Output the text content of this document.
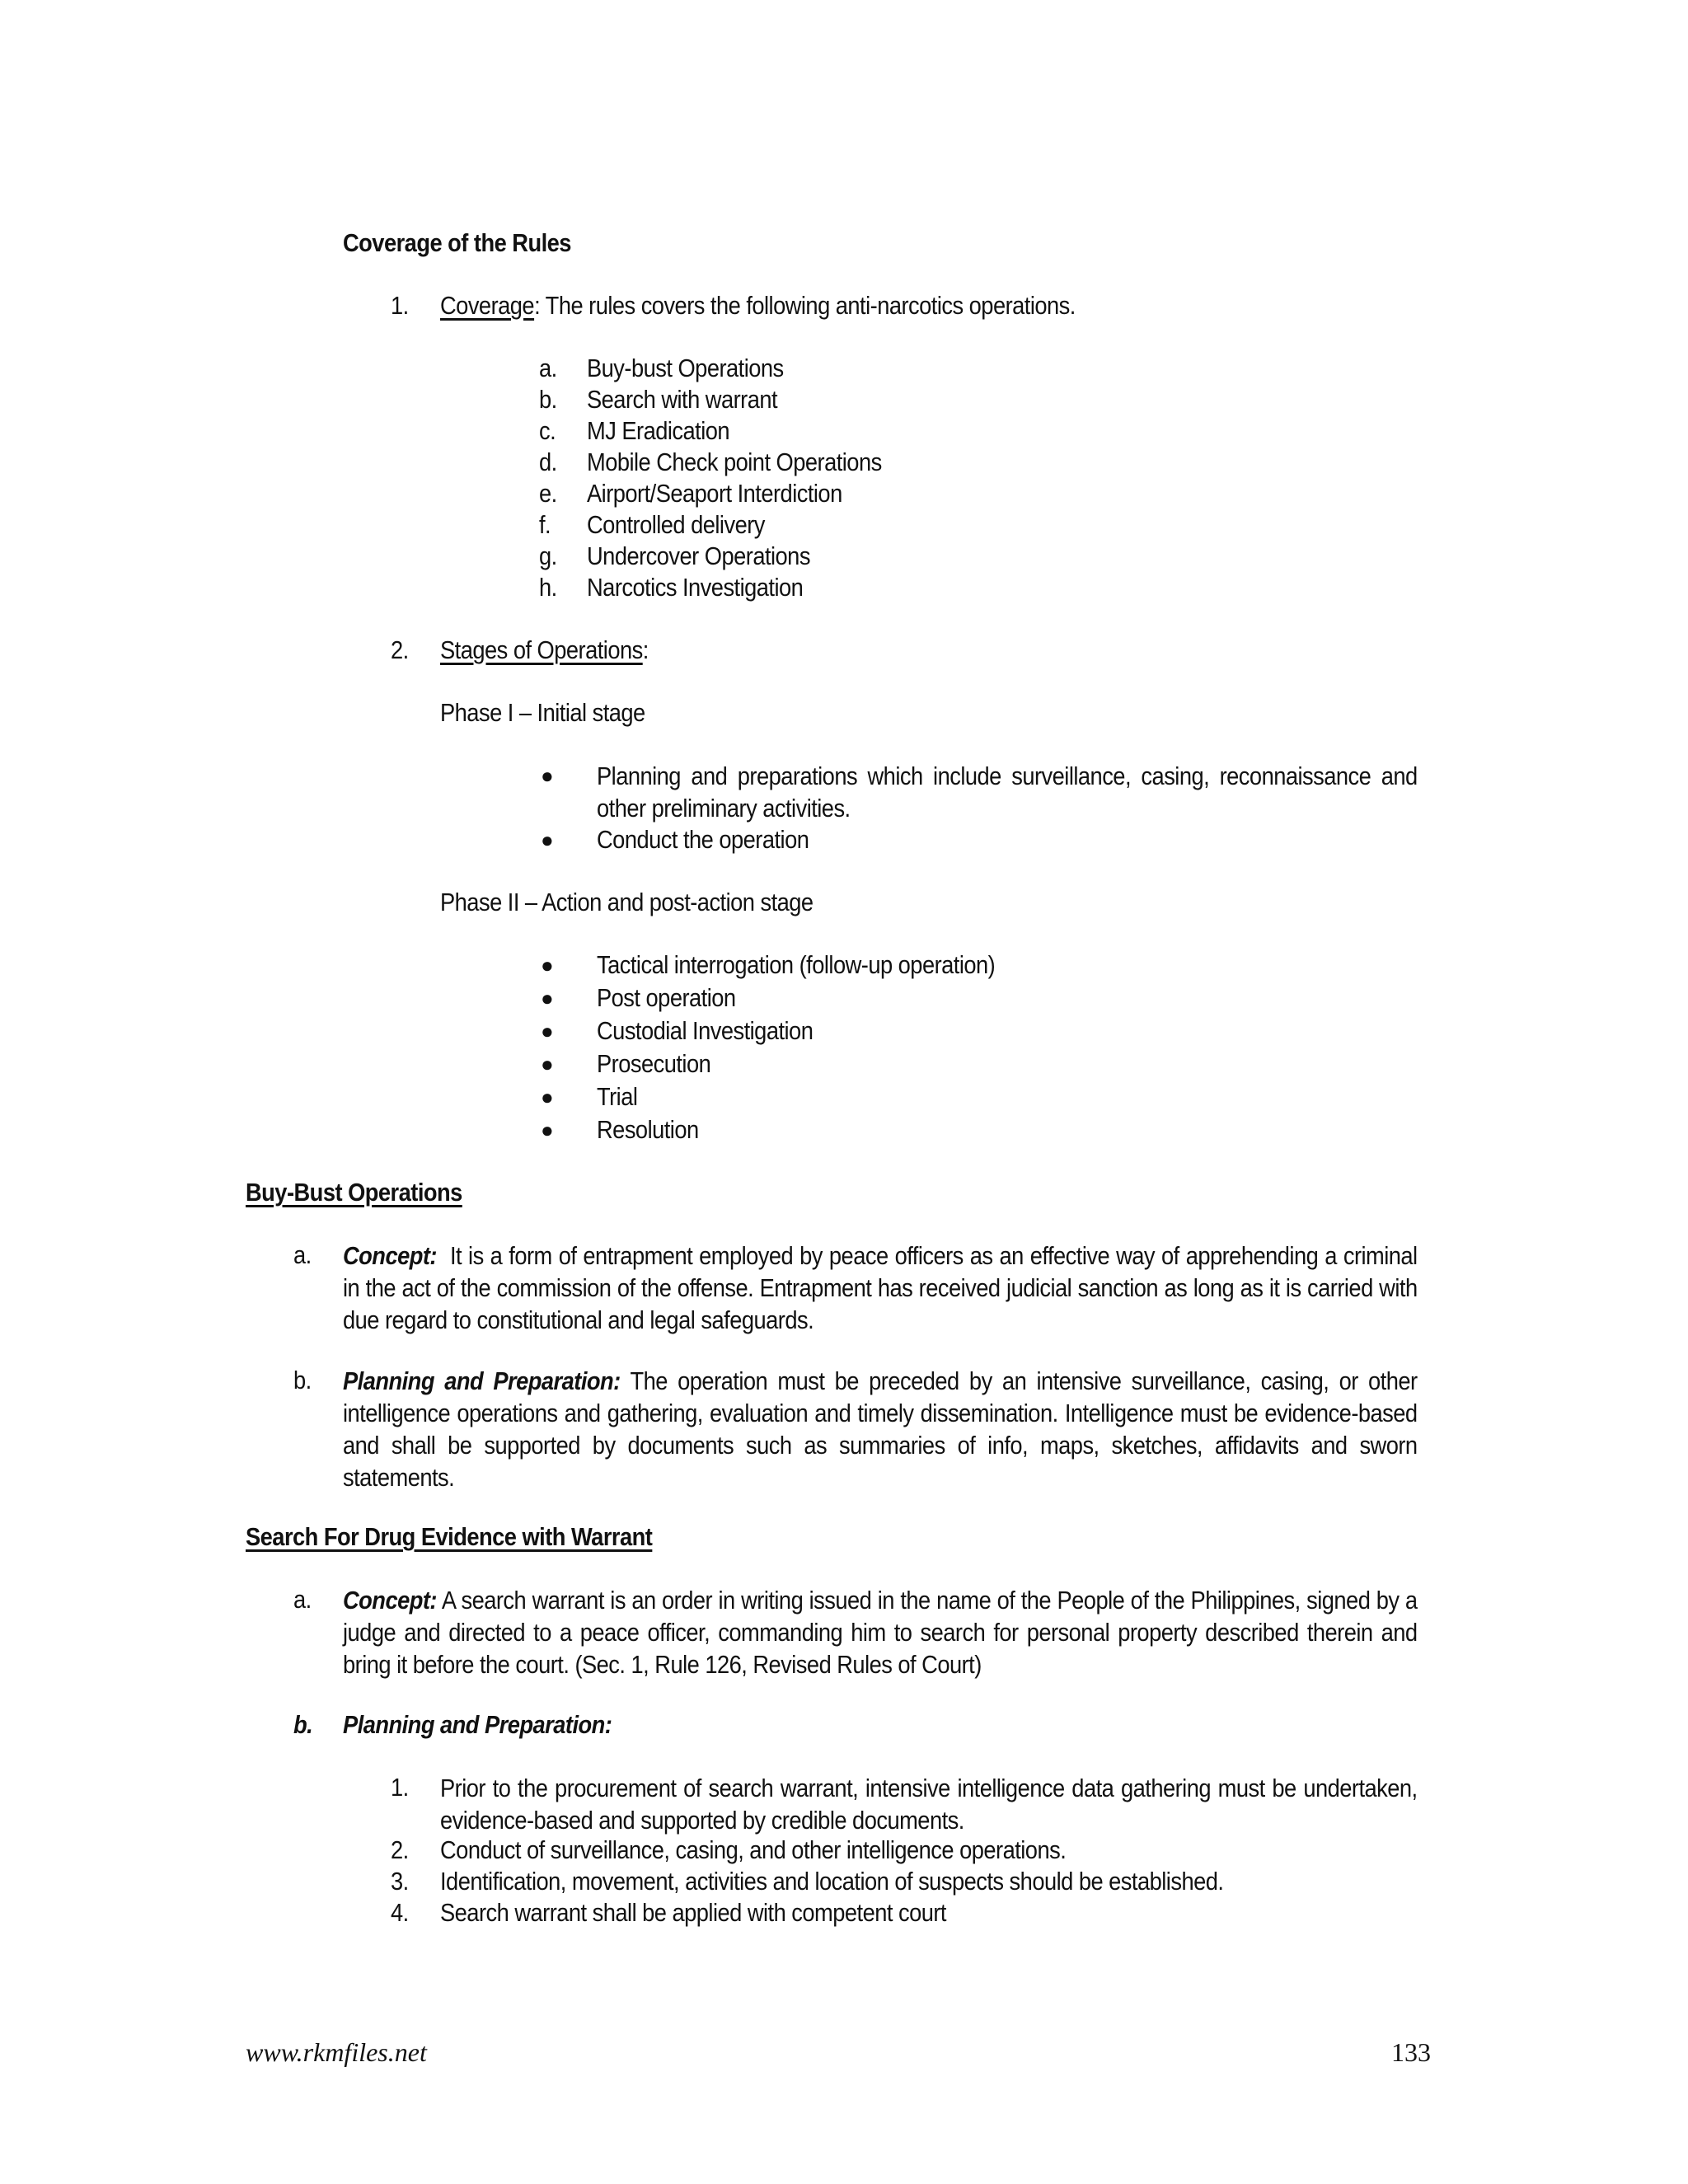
Coverage of the Rules
1. Coverage: The rules covers the following anti-narcotics operations.
a. Buy-bust Operations
b. Search with warrant
c. MJ Eradication
d. Mobile Check point Operations
e. Airport/Seaport Interdiction
f. Controlled delivery
g. Undercover Operations
h. Narcotics Investigation
2. Stages of Operations:
Phase I – Initial stage
● Planning and preparations which include surveillance, casing, reconnaissance and other preliminary activities.
● Conduct the operation
Phase II – Action and post-action stage
● Tactical interrogation (follow-up operation)
● Post operation
● Custodial Investigation
● Prosecution
● Trial
● Resolution
Buy-Bust Operations
a. Concept: It is a form of entrapment employed by peace officers as an effective way of apprehending a criminal in the act of the commission of the offense. Entrapment has received judicial sanction as long as it is carried with due regard to constitutional and legal safeguards.
b. Planning and Preparation: The operation must be preceded by an intensive surveillance, casing, or other intelligence operations and gathering, evaluation and timely dissemination. Intelligence must be evidence-based and shall be supported by documents such as summaries of info, maps, sketches, affidavits and sworn statements.
Search For Drug Evidence with Warrant
a. Concept: A search warrant is an order in writing issued in the name of the People of the Philippines, signed by a judge and directed to a peace officer, commanding him to search for personal property described therein and bring it before the court. (Sec. 1, Rule 126, Revised Rules of Court)
b. Planning and Preparation:
1. Prior to the procurement of search warrant, intensive intelligence data gathering must be undertaken, evidence-based and supported by credible documents.
2. Conduct of surveillance, casing, and other intelligence operations.
3. Identification, movement, activities and location of suspects should be established.
4. Search warrant shall be applied with competent court
www.rkmfiles.net	133
